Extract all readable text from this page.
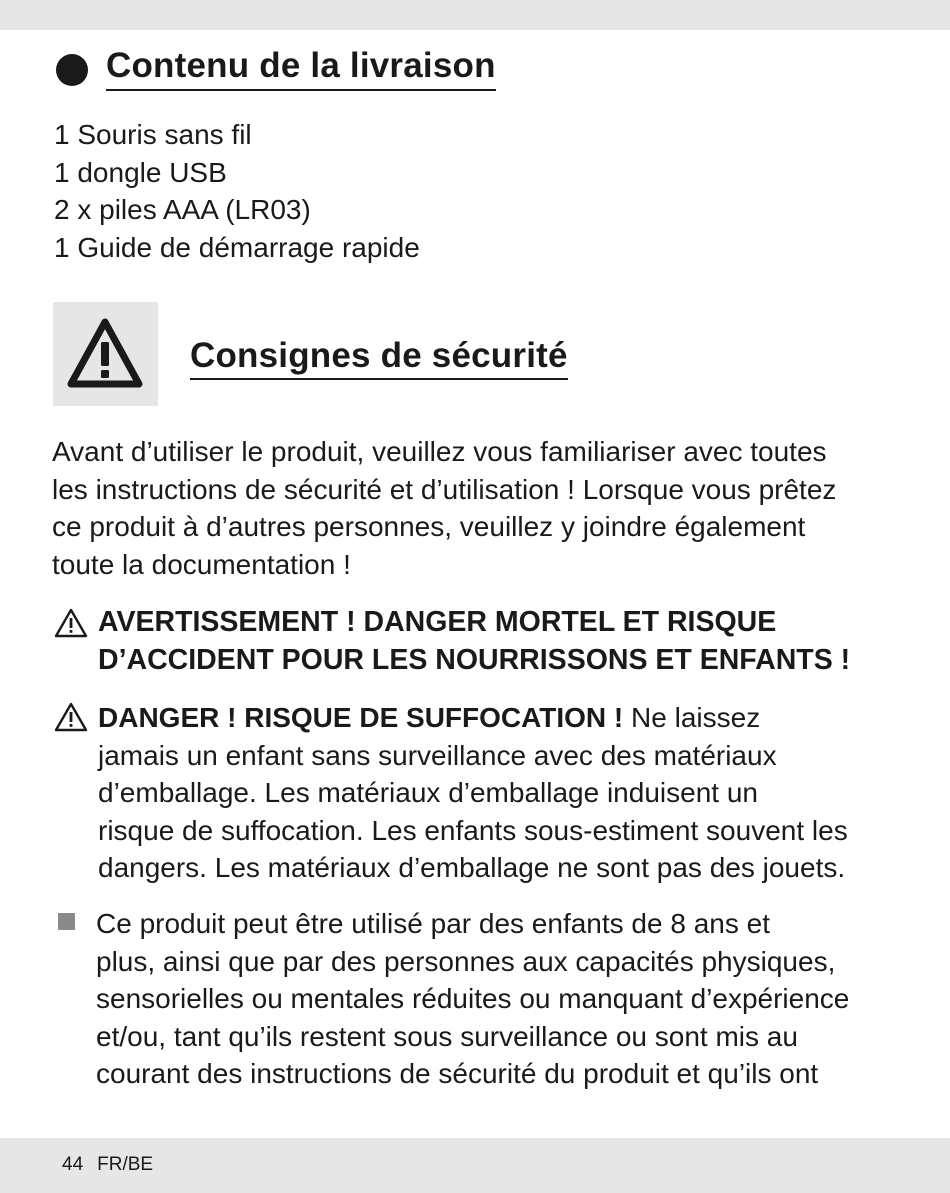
Contenu de la livraison
1 Souris sans fil
1 dongle USB
2 x piles AAA (LR03)
1 Guide de démarrage rapide
Consignes de sécurité
Avant d’utiliser le produit, veuillez vous familiariser avec toutes
les instructions de sécurité et d’utilisation ! Lorsque vous prêtez
ce produit à d’autres personnes, veuillez y joindre également
toute la documentation !
AVERTISSEMENT ! DANGER MORTEL ET RISQUE
D’ACCIDENT POUR LES NOURRISSONS ET ENFANTS !
DANGER ! RISQUE DE SUFFOCATION ! Ne laissez
jamais un enfant sans surveillance avec des matériaux
d’emballage. Les matériaux d’emballage induisent un
risque de suffocation. Les enfants sous-estiment souvent les
dangers. Les matériaux d’emballage ne sont pas des jouets.
Ce produit peut être utilisé par des enfants de 8 ans et
plus, ainsi que par des personnes aux capacités physiques,
sensorielles ou mentales réduites ou manquant d’expérience
et/ou, tant qu’ils restent sous surveillance ou sont mis au
courant des instructions de sécurité du produit et qu’ils ont
44 FR/BE
